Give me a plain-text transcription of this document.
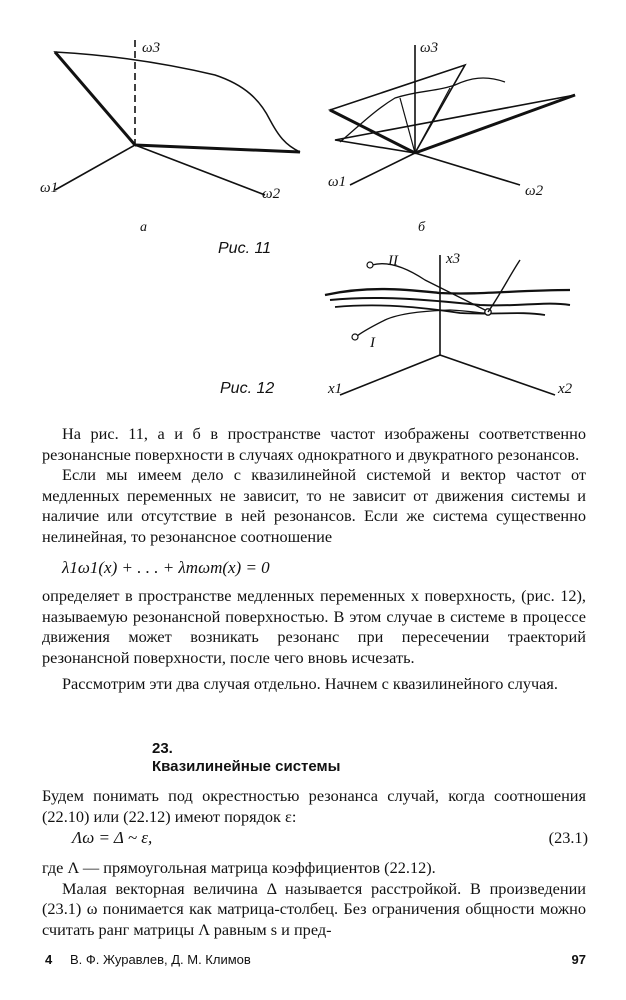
ω3
ω1	ω2
ω3
ω1
ω2
а	б
Рис. 11
II
I
x3
x1	x2
Рис. 12

На рис. 11, а и б в пространстве частот изображены соответственно резонансные поверхности в случаях однократного и двукратного резонансов.

Если мы имеем дело с квазилинейной системой и вектор частот от медленных переменных не зависит, то не зависит от движения системы и наличие или отсутствие в ней резонансов. Если же система существенно нелинейная, то резонансное соотношение

λ1ω1(x) + . . . + λmωm(x) = 0

определяет в пространстве медленных переменных x поверхность, (рис. 12), называемую резонансной поверхностью. В этом случае в системе в процессе движения может возникать резонанс при пересечении траекторий резонансной поверхности, после чего вновь исчезать.

Рассмотрим эти два случая отдельно. Начнем с квазилинейного случая.

23.
Квазилинейные системы

Будем понимать под окрестностью резонанса случай, когда соотношения (22.10) или (22.12) имеют порядок ε:

Λω = Δ ~ ε,	(23.1)

где Λ — прямоугольная матрица коэффициентов (22.12).

Малая векторная величина Δ называется расстройкой. В произведении (23.1) ω понимается как матрица-столбец. Без ограничения общности можно считать ранг матрицы Λ равным s и пред-

4 В. Ф. Журавлев, Д. М. Климов	97
